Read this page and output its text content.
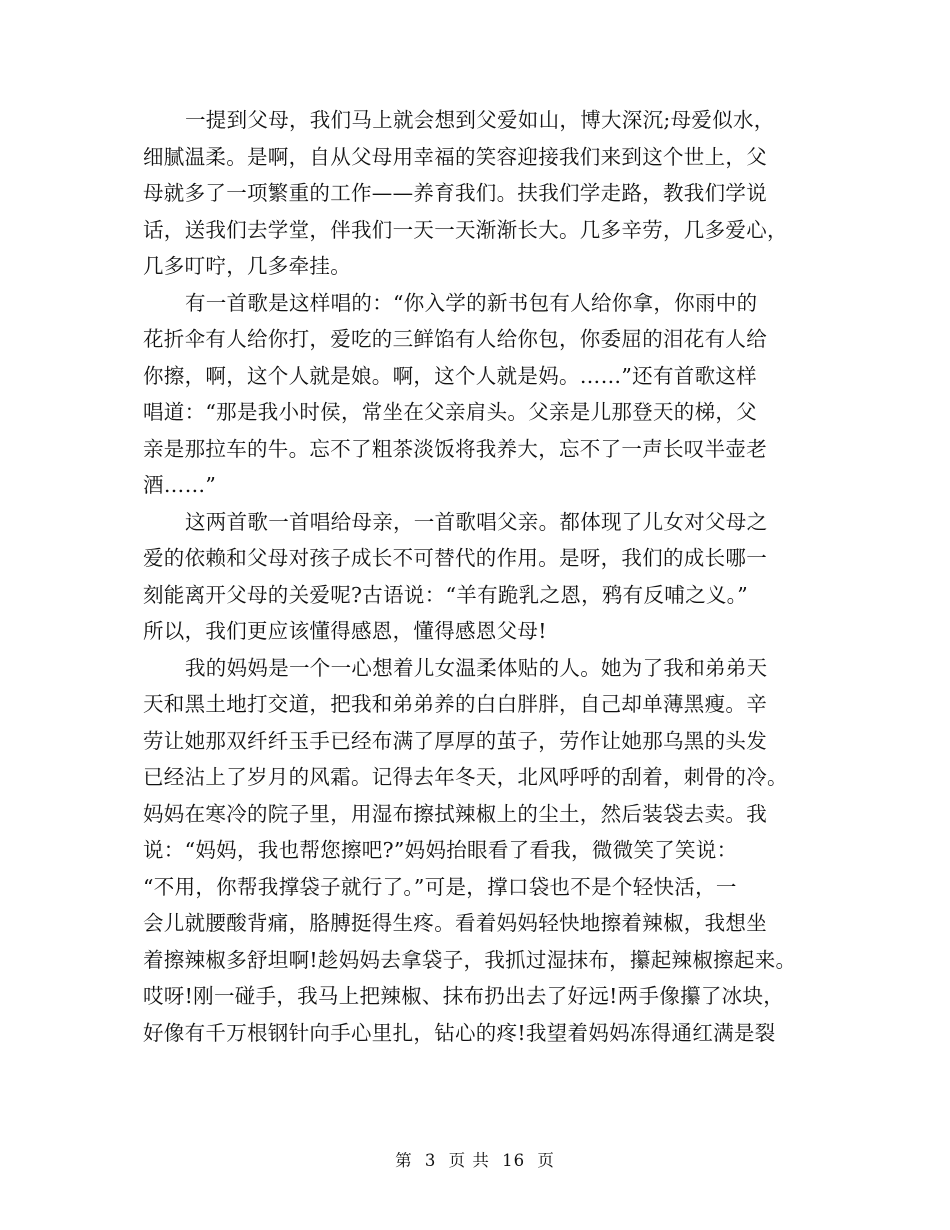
一提到父母，我们马上就会想到父爱如山，博大深沉;母爱似水，
细腻温柔。是啊，自从父母用幸福的笑容迎接我们来到这个世上，父
母就多了一项繁重的工作——养育我们。扶我们学走路，教我们学说
话，送我们去学堂，伴我们一天一天渐渐长大。几多辛劳，几多爱心，
几多叮咛，几多牵挂。
有一首歌是这样唱的：“你入学的新书包有人给你拿，你雨中的
花折伞有人给你打，爱吃的三鲜馅有人给你包，你委屈的泪花有人给
你擦，啊，这个人就是娘。啊，这个人就是妈。……”还有首歌这样
唱道：“那是我小时侯，常坐在父亲肩头。父亲是儿那登天的梯，父
亲是那拉车的牛。忘不了粗茶淡饭将我养大，忘不了一声长叹半壶老
酒……”
这两首歌一首唱给母亲，一首歌唱父亲。都体现了儿女对父母之
爱的依赖和父母对孩子成长不可替代的作用。是呀，我们的成长哪一
刻能离开父母的关爱呢?古语说：“羊有跪乳之恩，鸦有反哺之义。”
所以，我们更应该懂得感恩，懂得感恩父母!
我的妈妈是一个一心想着儿女温柔体贴的人。她为了我和弟弟天
天和黑土地打交道，把我和弟弟养的白白胖胖，自己却单薄黑瘦。辛
劳让她那双纤纤玉手已经布满了厚厚的茧子，劳作让她那乌黑的头发
已经沾上了岁月的风霜。记得去年冬天，北风呼呼的刮着，刺骨的冷。
妈妈在寒冷的院子里，用湿布擦拭辣椒上的尘土，然后装袋去卖。我
说：“妈妈，我也帮您擦吧?”妈妈抬眼看了看我，微微笑了笑说：
“不用，你帮我撑袋子就行了。”可是，撑口袋也不是个轻快活，一
会儿就腰酸背痛，胳膊挺得生疼。看着妈妈轻快地擦着辣椒，我想坐
着擦辣椒多舒坦啊!趁妈妈去拿袋子，我抓过湿抹布，攥起辣椒擦起来。
哎呀!刚一碰手，我马上把辣椒、抹布扔出去了好远!两手像攥了冰块，
好像有千万根钢针向手心里扎，钻心的疼!我望着妈妈冻得通红满是裂
第 3 页 共 16 页
